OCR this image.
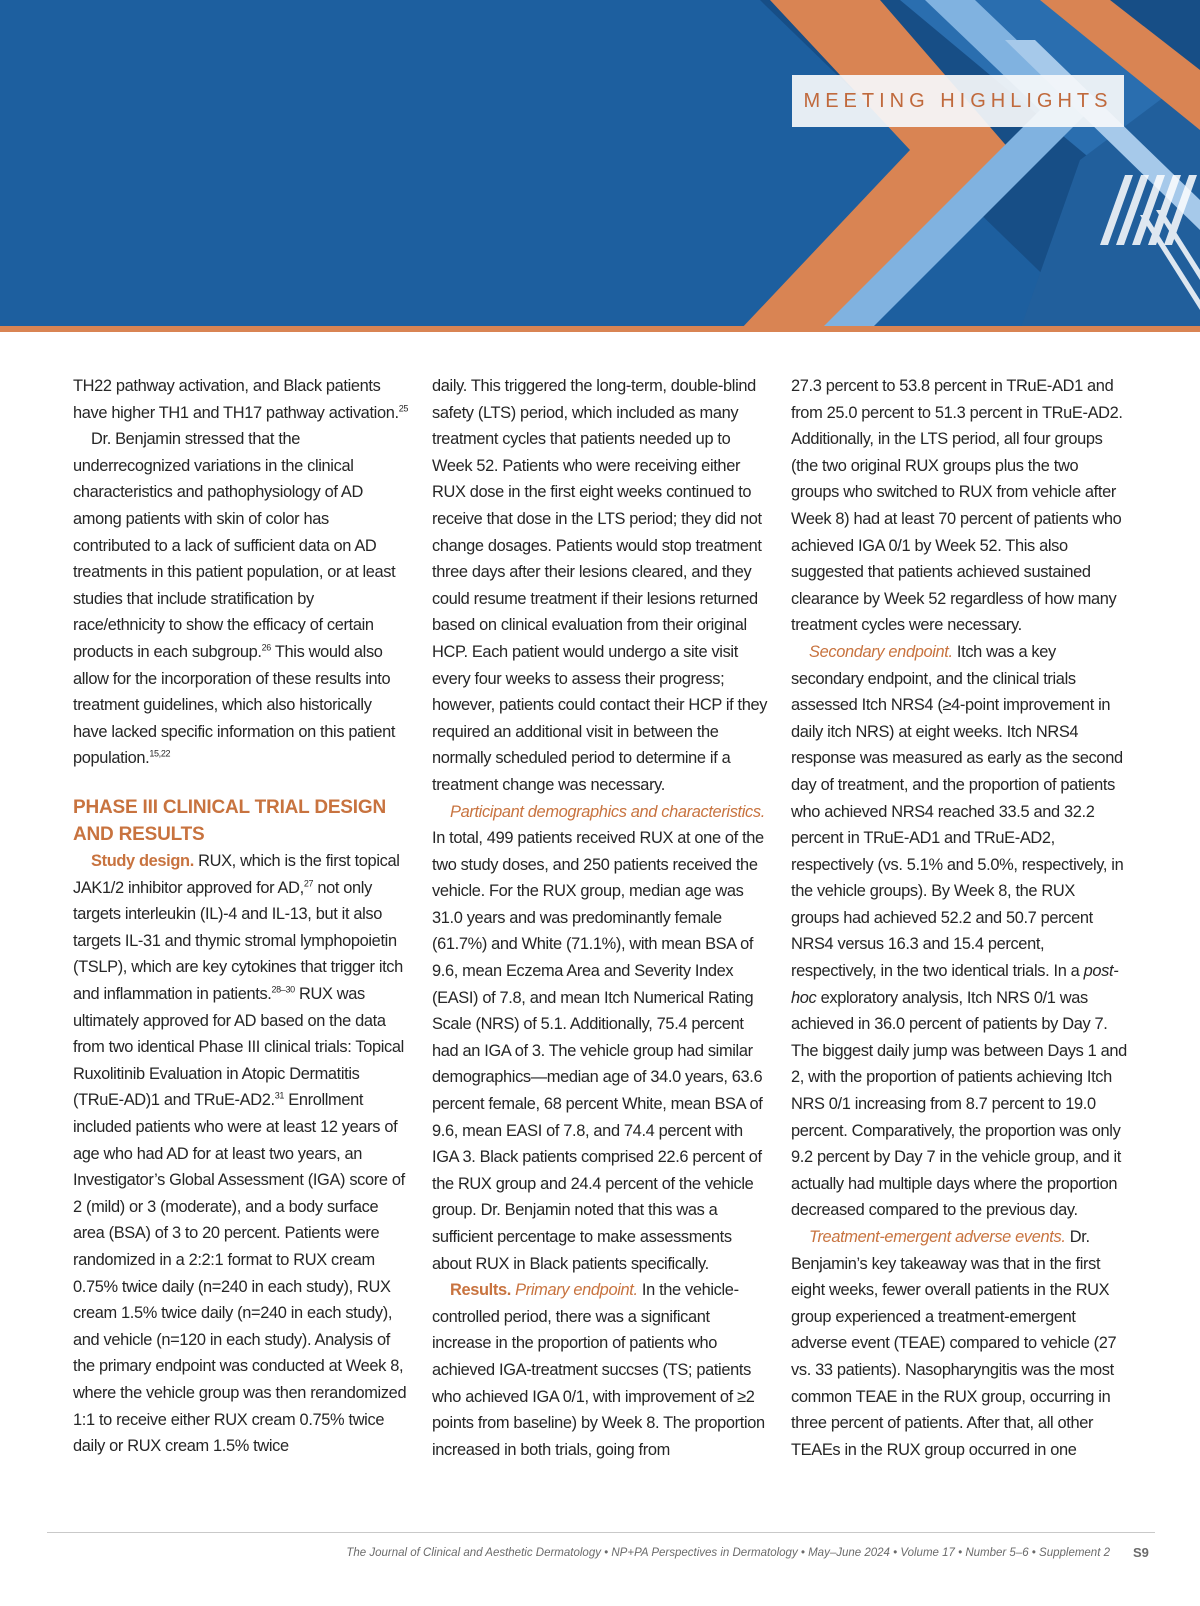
MEETING HIGHLIGHTS

TH22 pathway activation, and Black patients have higher TH1 and TH17 pathway activation.$^{25}$

Dr. Benjamin stressed that the underrecognized variations in the clinical characteristics and pathophysiology of AD among patients with skin of color has contributed to a lack of sufficient data on AD treatments in this patient population, or at least studies that include stratification by race/ethnicity to show the efficacy of certain products in each subgroup.$^{26}$ This would also allow for the incorporation of these results into treatment guidelines, which also historically have lacked specific information on this patient population.$^{15,22}$

PHASE III CLINICAL TRIAL DESIGN AND RESULTS

Study design. RUX, which is the first topical JAK1/2 inhibitor approved for AD,$^{27}$ not only targets interleukin (IL)-4 and IL-13, but it also targets IL-31 and thymic stromal lymphopoietin (TSLP), which are key cytokines that trigger itch and inflammation in patients.$^{28-30}$ RUX was ultimately approved for AD based on the data from two identical Phase III clinical trials: Topical Ruxolitinib Evaluation in Atopic Dermatitis (TRuE-AD)1 and TRuE-AD2.31 Enrollment included patients who were at least 12 years of age who had AD for at least two years, an Investigator’s Global Assessment (IGA) score of 2 (mild) or 3 (moderate), and a body surface area (BSA) of 3 to 20 percent. Patients were randomized in a 2:2:1 format to RUX cream 0.75% twice daily (n=240 in each study), RUX cream 1.5% twice daily (n=240 in each study), and vehicle (n=120 in each study). Analysis of the primary endpoint was conducted at Week 8, where the vehicle group was then rerandomized 1:1 to receive either RUX cream 0.75% twice daily or RUX cream 1.5% twice

daily. This triggered the long-term, double-blind safety (LTS) period, which included as many treatment cycles that patients needed up to Week 52. Patients who were receiving either RUX dose in the first eight weeks continued to receive that dose in the LTS period; they did not change dosages. Patients would stop treatment three days after their lesions cleared, and they could resume treatment if their lesions returned based on clinical evaluation from their original HCP. Each patient would undergo a site visit every four weeks to assess their progress; however, patients could contact their HCP if they required an additional visit in between the normally scheduled period to determine if a treatment change was necessary.

Participant demographics and characteristics. In total, 499 patients received RUX at one of the two study doses, and 250 patients received the vehicle. For the RUX group, median age was 31.0 years and was predominantly female (61.7%) and White (71.1%), with mean BSA of 9.6, mean Eczema Area and Severity Index (EASI) of 7.8, and mean Itch Numerical Rating Scale (NRS) of 5.1. Additionally, 75.4 percent had an IGA of 3. The vehicle group had similar demographics—median age of 34.0 years, 63.6 percent female, 68 percent White, mean BSA of 9.6, mean EASI of 7.8, and 74.4 percent with IGA 3. Black patients comprised 22.6 percent of the RUX group and 24.4 percent of the vehicle group. Dr. Benjamin noted that this was a sufficient percentage to make assessments about RUX in Black patients specifically.

Results. Primary endpoint. In the vehicle-controlled period, there was a significant increase in the proportion of patients who achieved IGA-treatment succses (TS; patients who achieved IGA 0/1, with improvement of ≥2 points from baseline) by Week 8. The proportion increased in both trials, going from

27.3 percent to 53.8 percent in TRuE-AD1 and from 25.0 percent to 51.3 percent in TRuE-AD2. Additionally, in the LTS period, all four groups (the two original RUX groups plus the two groups who switched to RUX from vehicle after Week 8) had at least 70 percent of patients who achieved IGA 0/1 by Week 52. This also suggested that patients achieved sustained clearance by Week 52 regardless of how many treatment cycles were necessary.

Secondary endpoint. Itch was a key secondary endpoint, and the clinical trials assessed Itch NRS4 (≥4-point improvement in daily itch NRS) at eight weeks. Itch NRS4 response was measured as early as the second day of treatment, and the proportion of patients who achieved NRS4 reached 33.5 and 32.2 percent in TRuE-AD1 and TRuE-AD2, respectively (vs. 5.1% and 5.0%, respectively, in the vehicle groups). By Week 8, the RUX groups had achieved 52.2 and 50.7 percent NRS4 versus 16.3 and 15.4 percent, respectively, in the two identical trials. In a post-hoc exploratory analysis, Itch NRS 0/1 was achieved in 36.0 percent of patients by Day 7. The biggest daily jump was between Days 1 and 2, with the proportion of patients achieving Itch NRS 0/1 increasing from 8.7 percent to 19.0 percent. Comparatively, the proportion was only 9.2 percent by Day 7 in the vehicle group, and it actually had multiple days where the proportion decreased compared to the previous day.

Treatment-emergent adverse events. Dr. Benjamin’s key takeaway was that in the first eight weeks, fewer overall patients in the RUX group experienced a treatment-emergent adverse event (TEAE) compared to vehicle (27 vs. 33 patients). Nasopharyngitis was the most common TEAE in the RUX group, occurring in three percent of patients. After that, all other TEAEs in the RUX group occurred in one

The Journal of Clinical and Aesthetic Dermatology • NP+PA Perspectives in Dermatology • May–June 2024 • Volume 17 • Number 5–6 • Supplement 2 S9
